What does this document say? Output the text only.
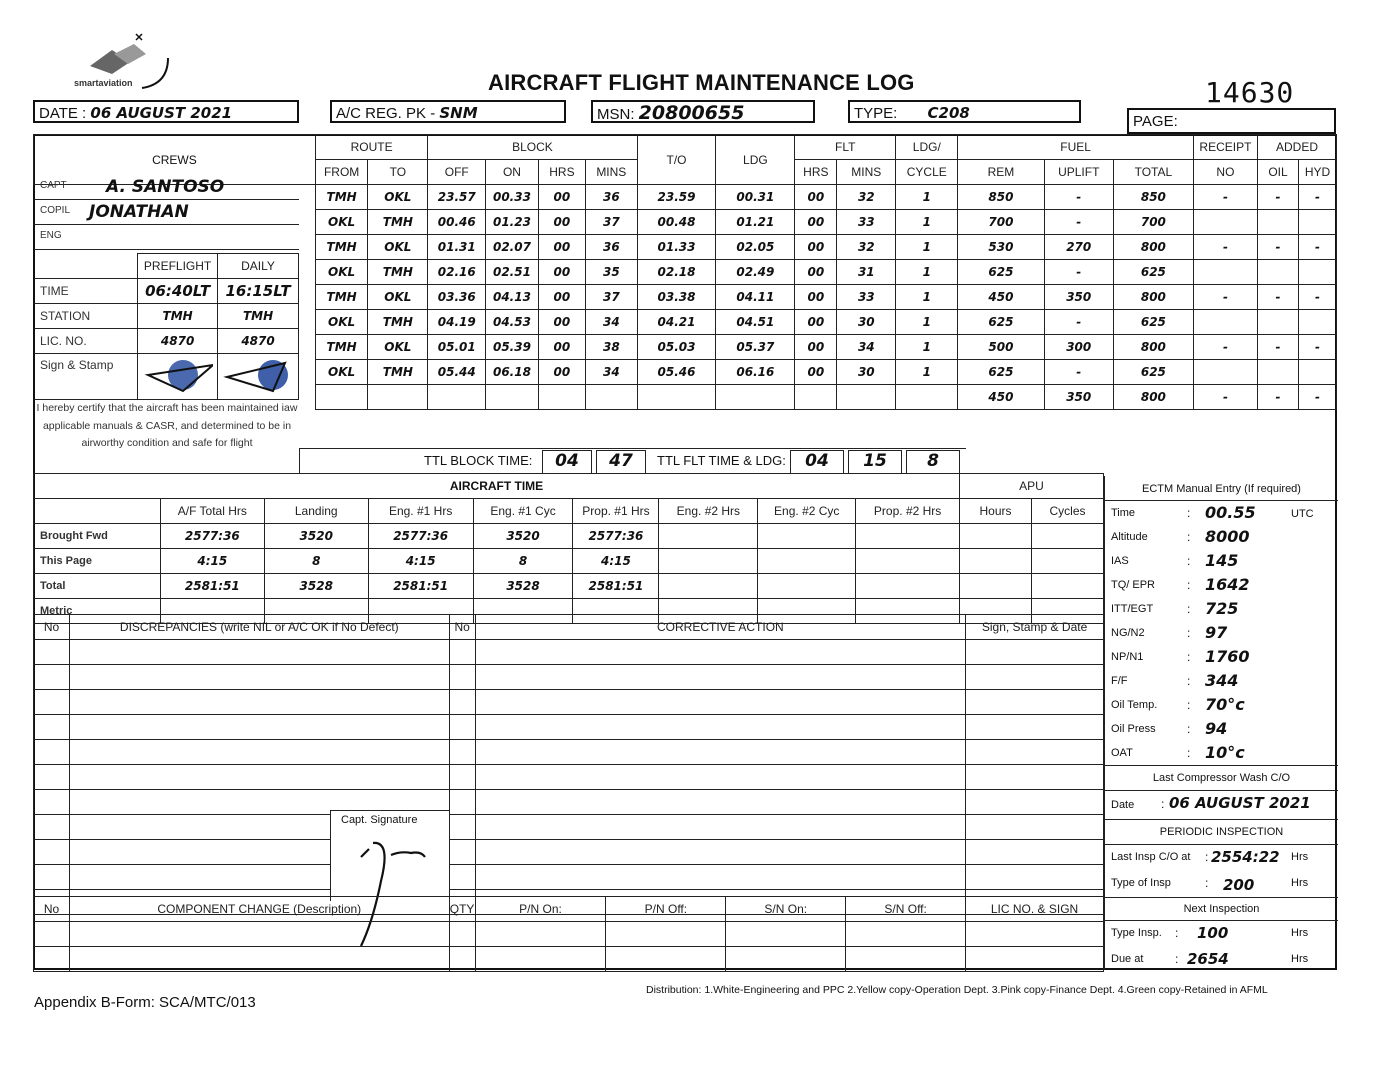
smartaviation	AIRCRAFT FLIGHT MAINTENANCE LOG	14630
DATE : 06 AUGUST 2021	A/C REG. PK - SNM	MSN: 20800655	TYPE: C208	PAGE:
CREWS	ROUTE		BLOCK				T/O	LDG	FLT		LDG/	FUEL			RECEIPT	ADDED	
	FROM	TO	OFF	ON	HRS	MINS			HRS	MINS	CYCLE	REM	UPLIFT	TOTAL	NO	OIL	HYD
	TMH	OKL	23.57	00.33	00	36	23.59	00.31	00	32	1	850	-	850	-	-	-
	OKL	TMH	00.46	01.23	00	37	00.48	01.21	00	33	1	700	-	700			
	TMH	OKL	01.31	02.07	00	36	01.33	02.05	00	32	1	530	270	800	-	-	-
	OKL	TMH	02.16	02.51	00	35	02.18	02.49	00	31	1	625	-	625			
	TMH	OKL	03.36	04.13	00	37	03.38	04.11	00	33	1	450	350	800	-	-	-
	OKL	TMH	04.19	04.53	00	34	04.21	04.51	00	30	1	625	-	625			
	TMH	OKL	05.01	05.39	00	38	05.03	05.37	00	34	1	500	300	800	-	-	-
	OKL	TMH	05.44	06.18	00	34	05.46	06.16	00	30	1	625	-	625			
												450	350	800	-	-	-

CAPT A. SANTOSO
COPIL JONATHAN
ENG
	PREFLIGHT	DAILY
TIME	06:40LT	16:15LT
STATION	TMH	TMH
LIC. NO.	4870	4870
Sign & Stamp		
I hereby certify that the aircraft has been maintained iaw applicable manuals & CASR, and determined to be in airworthy condition and safe for flight
TTL BLOCK TIME:	04	47	TTL FLT TIME & LDG:	04	15	8
AIRCRAFT TIME									APU	
	A/F Total Hrs	Landing	Eng. #1 Hrs	Eng. #1 Cyc	Prop. #1 Hrs	Eng. #2 Hrs	Eng. #2 Cyc	Prop. #2 Hrs	Hours	Cycles
Brought Fwd	2577:36	3520	2577:36	3520	2577:36					
This Page	4:15	8	4:15	8	4:15					
Total	2581:51	3528	2581:51	3528	2581:51					
Metric										
No	DISCREPANCIES (write NIL or A/C OK if No Defect)	No	CORRECTIVE ACTION	Sign, Stamp & Date

Capt. Signature
No	COMPONENT CHANGE (Description)	QTY	P/N On:	P/N Off:	S/N On:	S/N Off:	LIC NO. & SIGN

ECTM Manual Entry (If required)
Time	: 00.55	UTC
Altitude	: 8000
IAS	: 145
TQ/ EPR	: 1642
ITT/EGT	: 725
NG/N2	: 97
NP/N1	: 1760
F/F	: 344
Oil Temp. : 70°c
Oil Press	: 94
OAT	: 10°c
Last Compressor Wash C/O
Date : 06 AUGUST 2021
PERIODIC INSPECTION
Last Insp C/O at : 2554:22 Hrs
Type of Insp	: 200	Hrs
Next Inspection
Type Insp. : 100	Hrs
Due at	: 2654	Hrs
Appendix B-Form: SCA/MTC/013
Distribution: 1.White-Engineering and PPC 2.Yellow copy-Operation Dept. 3.Pink copy-Finance Dept. 4.Green copy-Retained in AFML
